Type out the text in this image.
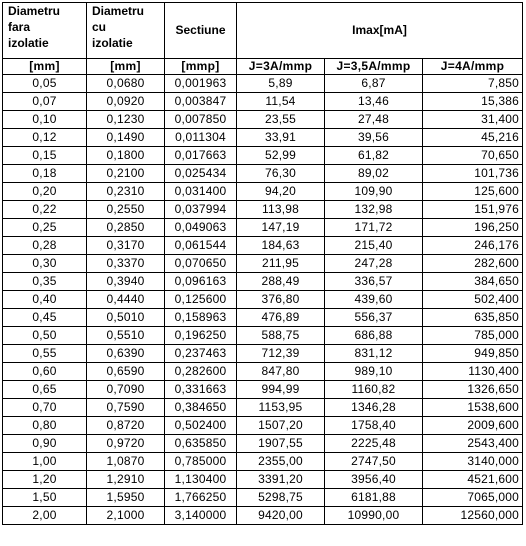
Diametru
fara
izolatie	Diametru
cu
izolatie	Sectiune	Imax[mA]		
[mm]	[mm]	[mmp]	J=3A/mmp	J=3,5A/mmp	J=4A/mmp
0,05	0,0680	0,001963	5,89	6,87	7,850
0,07	0,0920	0,003847	11,54	13,46	15,386
0,10	0,1230	0,007850	23,55	27,48	31,400
0,12	0,1490	0,011304	33,91	39,56	45,216
0,15	0,1800	0,017663	52,99	61,82	70,650
0,18	0,2100	0,025434	76,30	89,02	101,736
0,20	0,2310	0,031400	94,20	109,90	125,600
0,22	0,2550	0,037994	113,98	132,98	151,976
0,25	0,2850	0,049063	147,19	171,72	196,250
0,28	0,3170	0,061544	184,63	215,40	246,176
0,30	0,3370	0,070650	211,95	247,28	282,600
0,35	0,3940	0,096163	288,49	336,57	384,650
0,40	0,4440	0,125600	376,80	439,60	502,400
0,45	0,5010	0,158963	476,89	556,37	635,850
0,50	0,5510	0,196250	588,75	686,88	785,000
0,55	0,6390	0,237463	712,39	831,12	949,850
0,60	0,6590	0,282600	847,80	989,10	1130,400
0,65	0,7090	0,331663	994,99	1160,82	1326,650
0,70	0,7590	0,384650	1153,95	1346,28	1538,600
0,80	0,8720	0,502400	1507,20	1758,40	2009,600
0,90	0,9720	0,635850	1907,55	2225,48	2543,400
1,00	1,0870	0,785000	2355,00	2747,50	3140,000
1,20	1,2910	1,130400	3391,20	3956,40	4521,600
1,50	1,5950	1,766250	5298,75	6181,88	7065,000
2,00	2,1000	3,140000	9420,00	10990,00	12560,000
